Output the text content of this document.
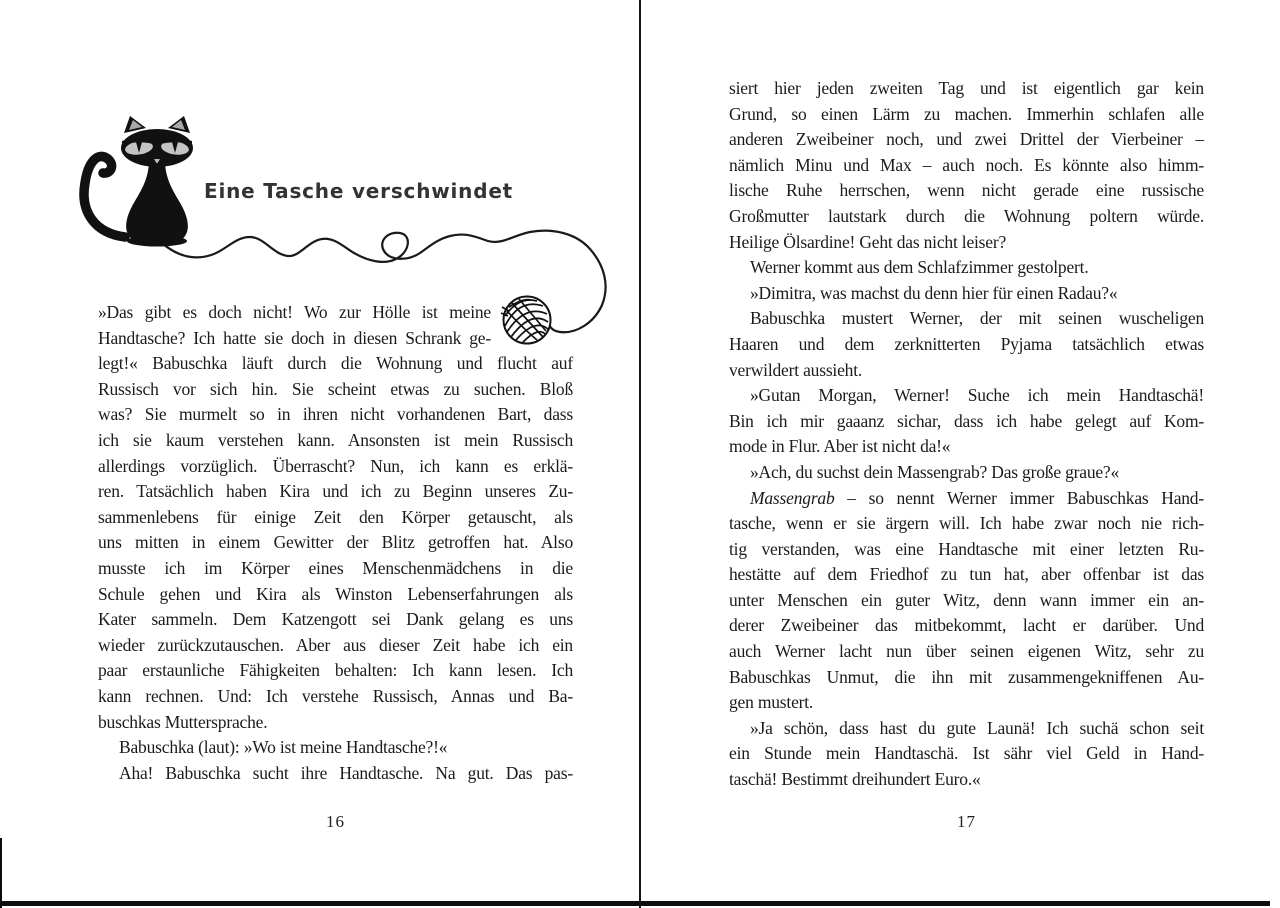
Eine Tasche verschwindet
»Das gibt es doch nicht! Wo zur Hölle ist meine
Handtasche? Ich hatte sie doch in diesen Schrank ge-
legt!« Babuschka läuft durch die Wohnung und flucht auf
Russisch vor sich hin. Sie scheint etwas zu suchen. Bloß
was? Sie murmelt so in ihren nicht vorhandenen Bart, dass
ich sie kaum verstehen kann. Ansonsten ist mein Russisch
allerdings vorzüglich. Überrascht? Nun, ich kann es erklä-
ren. Tatsächlich haben Kira und ich zu Beginn unseres Zu-
sammenlebens für einige Zeit den Körper getauscht, als
uns mitten in einem Gewitter der Blitz getroffen hat. Also
musste ich im Körper eines Menschenmädchens in die
Schule gehen und Kira als Winston Lebenserfahrungen als
Kater sammeln. Dem Katzengott sei Dank gelang es uns
wieder zurückzutauschen. Aber aus dieser Zeit habe ich ein
paar erstaunliche Fähigkeiten behalten: Ich kann lesen. Ich
kann rechnen. Und: Ich verstehe Russisch, Annas und Ba-
buschkas Muttersprache.
Babuschka (laut): »Wo ist meine Handtasche?!«
Aha! Babuschka sucht ihre Handtasche. Na gut. Das pas-
16
siert hier jeden zweiten Tag und ist eigentlich gar kein
Grund, so einen Lärm zu machen. Immerhin schlafen alle
anderen Zweibeiner noch, und zwei Drittel der Vierbeiner –
nämlich Minu und Max – auch noch. Es könnte also himm-
lische Ruhe herrschen, wenn nicht gerade eine russische
Großmutter lautstark durch die Wohnung poltern würde.
Heilige Ölsardine! Geht das nicht leiser?
Werner kommt aus dem Schlafzimmer gestolpert.
»Dimitra, was machst du denn hier für einen Radau?«
Babuschka mustert Werner, der mit seinen wuscheligen
Haaren und dem zerknitterten Pyjama tatsächlich etwas
verwildert aussieht.
»Gutan Morgan, Werner! Suche ich mein Handtaschä!
Bin ich mir gaaanz sichar, dass ich habe gelegt auf Kom-
mode in Flur. Aber ist nicht da!«
»Ach, du suchst dein Massengrab? Das große graue?«
Massengrab – so nennt Werner immer Babuschkas Hand-
tasche, wenn er sie ärgern will. Ich habe zwar noch nie rich-
tig verstanden, was eine Handtasche mit einer letzten Ru-
hestätte auf dem Friedhof zu tun hat, aber offenbar ist das
unter Menschen ein guter Witz, denn wann immer ein an-
derer Zweibeiner das mitbekommt, lacht er darüber. Und
auch Werner lacht nun über seinen eigenen Witz, sehr zu
Babuschkas Unmut, die ihn mit zusammengekniffenen Au-
gen mustert.
»Ja schön, dass hast du gute Launä! Ich suchä schon seit
ein Stunde mein Handtaschä. Ist sähr viel Geld in Hand-
taschä! Bestimmt dreihundert Euro.«
17
